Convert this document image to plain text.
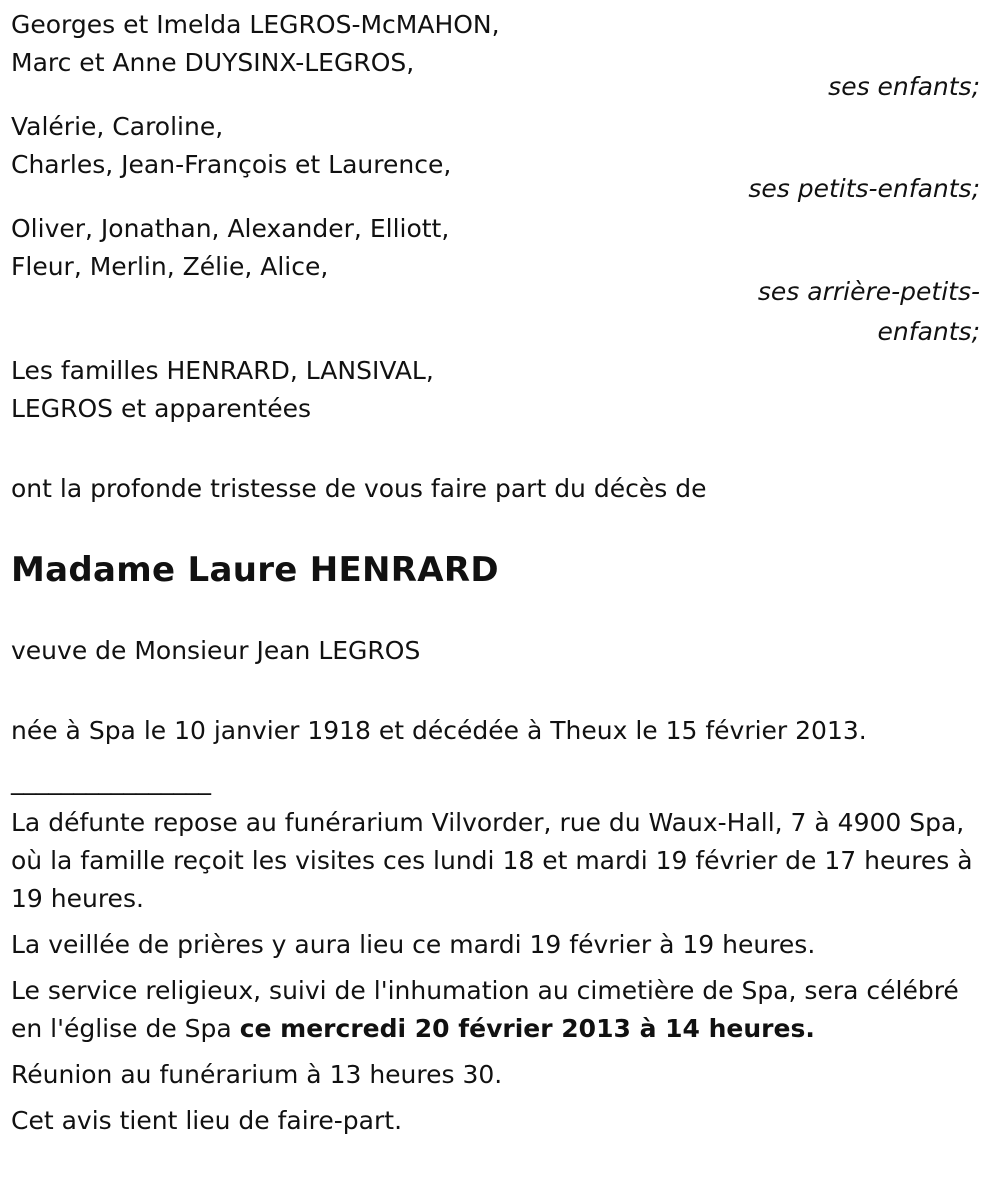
Georges et Imelda LEGROS-McMAHON,
Marc et Anne DUYSINX-LEGROS,
ses enfants;
Valérie, Caroline,
Charles, Jean-François et Laurence,
ses petits-enfants;
Oliver, Jonathan, Alexander, Elliott,
Fleur, Merlin, Zélie, Alice,
ses arrière-petits-
enfants;
Les familles HENRARD, LANSIVAL,
LEGROS et apparentées
ont la profonde tristesse de vous faire part du décès de
Madame Laure HENRARD
veuve de Monsieur Jean LEGROS
née à Spa le 10 janvier 1918 et décédée à Theux le 15 février 2013.
________________
La défunte repose au funérarium Vilvorder, rue du Waux-Hall, 7 à 4900 Spa, où la famille reçoit les visites ces lundi 18 et mardi 19 février de 17 heures à 19 heures.
La veillée de prières y aura lieu ce mardi 19 février à 19 heures.
Le service religieux, suivi de l'inhumation au cimetière de Spa, sera célébré en l'église de Spa ce mercredi 20 février 2013 à 14 heures.
Réunion au funérarium à 13 heures 30.
Cet avis tient lieu de faire-part.
